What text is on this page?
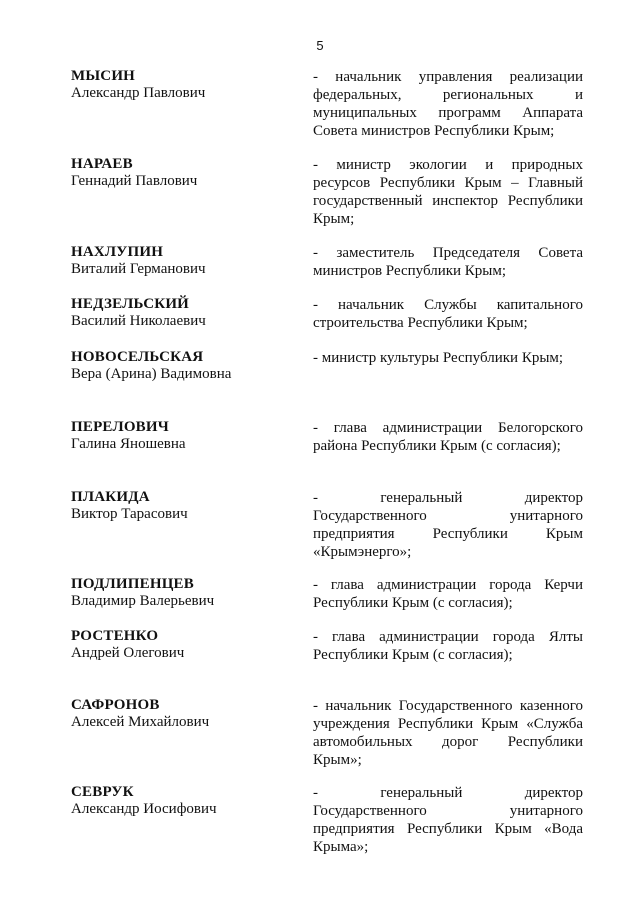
5
МЫСИН
Александр Павлович
- начальник управления реализации федеральных, региональных и муниципальных программ Аппарата Совета министров Республики Крым;
НАРАЕВ
Геннадий Павлович
- министр экологии и природных ресурсов Республики Крым – Главный государственный инспектор Республики Крым;
НАХЛУПИН
Виталий Германович
- заместитель Председателя Совета министров Республики Крым;
НЕДЗЕЛЬСКИЙ
Василий Николаевич
- начальник Службы капитального строительства Республики Крым;
НОВОСЕЛЬСКАЯ
Вера (Арина) Вадимовна
- министр культуры Республики Крым;
ПЕРЕЛОВИЧ
Галина Яношевна
- глава администрации Белогорского района Республики Крым (с согласия);
ПЛАКИДА
Виктор Тарасович
- генеральный директор Государственного унитарного предприятия Республики Крым «Крымэнерго»;
ПОДЛИПЕНЦЕВ
Владимир Валерьевич
- глава администрации города Керчи Республики Крым (с согласия);
РОСТЕНКО
Андрей Олегович
- глава администрации города Ялты Республики Крым (с согласия);
САФРОНОВ
Алексей Михайлович
- начальник Государственного казенного учреждения Республики Крым «Служба автомобильных дорог Республики Крым»;
СЕВРУК
Александр Иосифович
- генеральный директор Государственного унитарного предприятия Республики Крым «Вода Крыма»;
